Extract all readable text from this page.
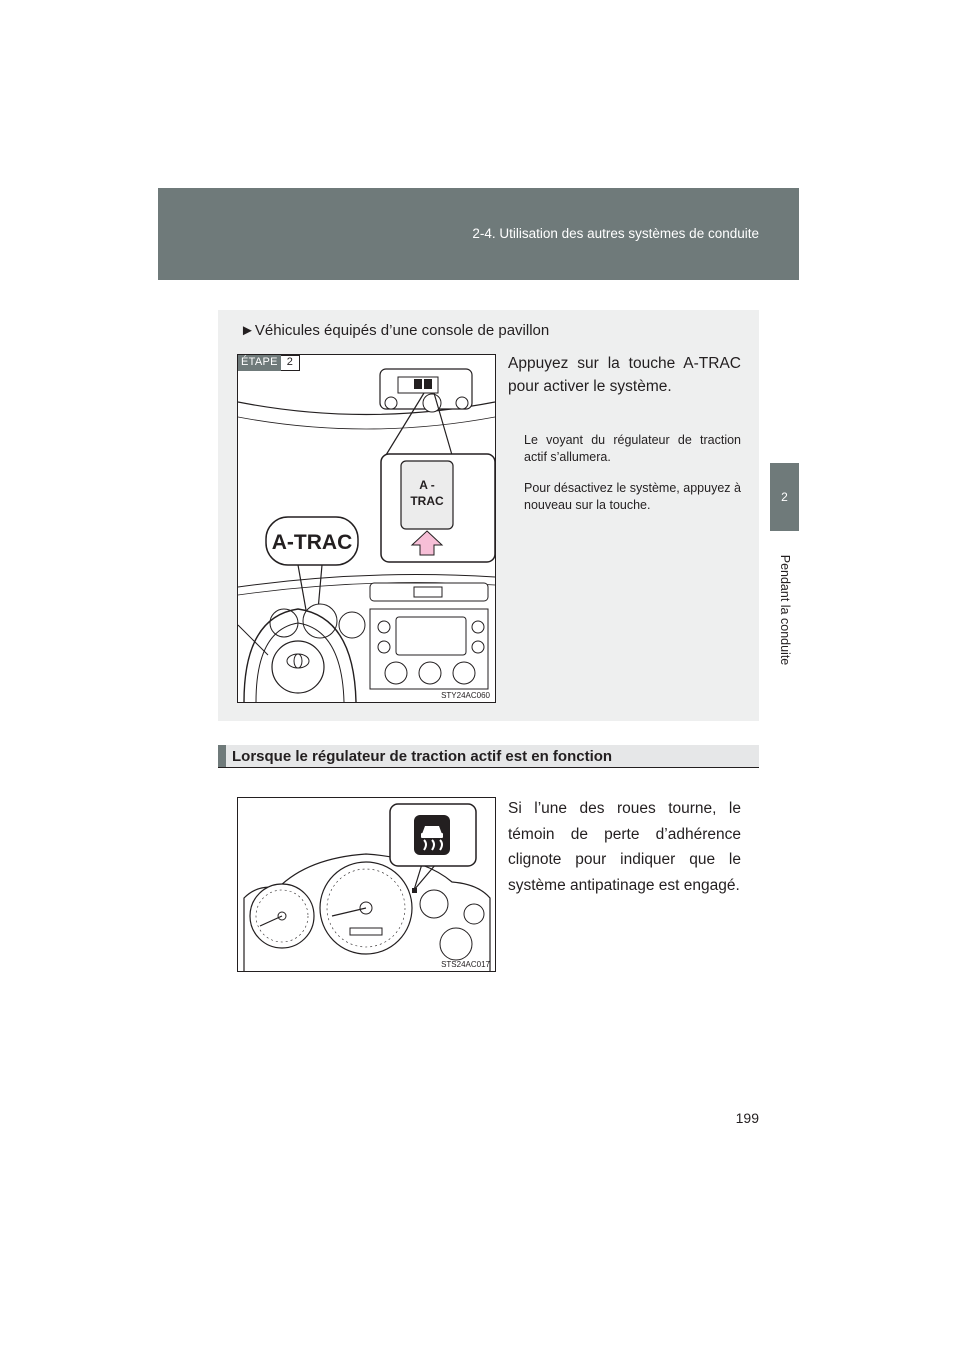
2-4. Utilisation des autres systèmes de conduite
2
Pendant la conduite
►Véhicules équipés d’une console de pavillon
A -
TRAC
A-TRAC
ÉTAPE 2
STY24AC060

Appuyez sur la touche A-TRAC pour activer le système.

Le voyant du régulateur de traction actif s’allumera.

Pour désactivez le système, appuyez à nouveau sur la touche.

Lorsque le régulateur de traction actif est en fonction
STS24AC017

Si l’une des roues tourne, le témoin de perte d’adhérence clignote pour indiquer que le système antipatinage est engagé.

199
